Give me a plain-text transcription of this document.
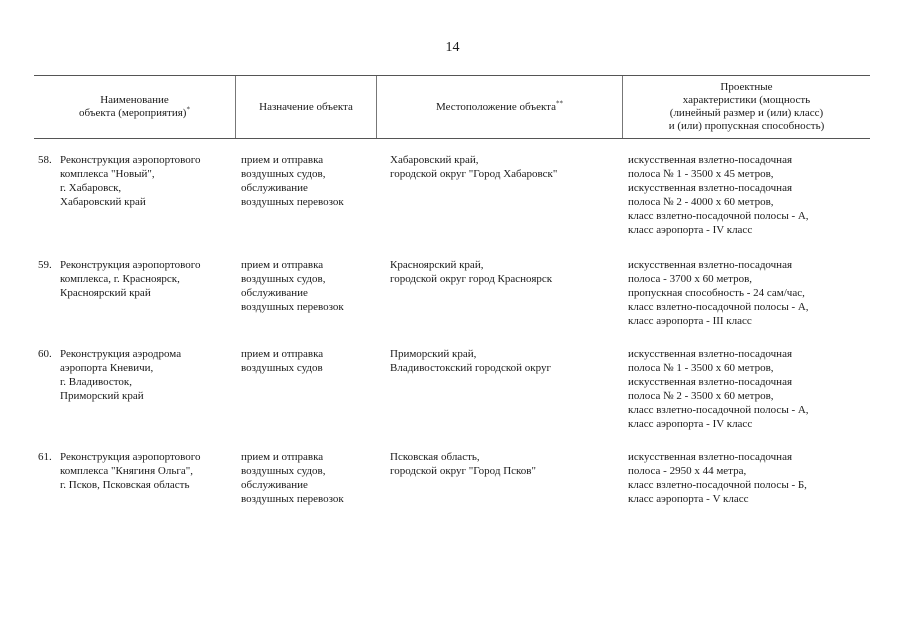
14
Наименование
объекта (мероприятия)*	Назначение объекта	Местоположение объекта**
Проектные
характеристики (мощность
(линейный размер и (или) класс)
и (или) пропускная способность)
58. Реконструкция аэропортового
комплекса "Новый",
г. Хабаровск,
Хабаровский край
прием и отправка
воздушных судов,
обслуживание
воздушных перевозок
Хабаровский край,
городской округ "Город Хабаровск"
искусственная взлетно-посадочная
полоса № 1 - 3500 x 45 метров,
искусственная взлетно-посадочная
полоса № 2 - 4000 x 60 метров,
класс взлетно-посадочной полосы - А,
класс аэропорта - IV класс
59. Реконструкция аэропортового
комплекса, г. Красноярск,
Красноярский край
прием и отправка
воздушных судов,
обслуживание
воздушных перевозок
Красноярский край,
городской округ город Красноярск
искусственная взлетно-посадочная
полоса - 3700 x 60 метров,
пропускная способность - 24 сам/час,
класс взлетно-посадочной полосы - А,
класс аэропорта - III класс
60. Реконструкция аэродрома
аэропорта Кневичи,
г. Владивосток,
Приморский край
прием и отправка
воздушных судов
Приморский край,
Владивостокский городской округ
искусственная взлетно-посадочная
полоса № 1 - 3500 x 60 метров,
искусственная взлетно-посадочная
полоса № 2 - 3500 x 60 метров,
класс взлетно-посадочной полосы - А,
класс аэропорта - IV класс
61. Реконструкция аэропортового
комплекса "Княгиня Ольга",
г. Псков, Псковская область
прием и отправка
воздушных судов,
обслуживание
воздушных перевозок
Псковская область,
городской округ "Город Псков"
искусственная взлетно-посадочная
полоса - 2950 x 44 метра,
класс взлетно-посадочной полосы - Б,
класс аэропорта - V класс
